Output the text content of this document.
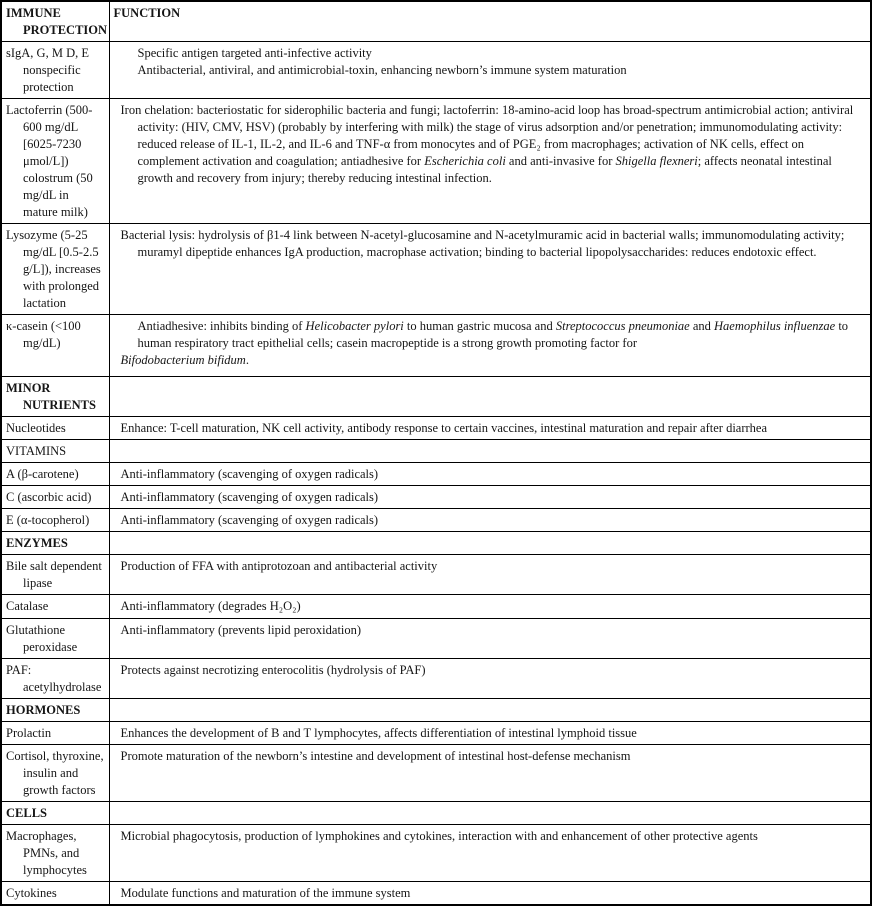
IMMUNE PROTECTION	FUNCTION

sIgA, G, M D, E nonspecific protection	Specific antigen targeted anti-infective activity
Antibacterial, antiviral, and antimicrobial-toxin, enhancing newborn’s immune system maturation

Lactoferrin (500-600 mg/dL [6025-7230 μmol/L]) colostrum (50 mg/dL in mature milk)	Iron chelation: bacteriostatic for siderophilic bacteria and fungi; lactoferrin: 18-amino-acid loop has broad-spectrum antimicrobial action; antiviral activity: (HIV, CMV, HSV) (probably by interfering with milk) the stage of virus adsorption and/or penetration; immunomodulating activity: reduced release of IL-1, IL-2, and IL-6 and TNF-α from monocytes and of PGE₂ from macrophages; activation of NK cells, effect on complement activation and coagulation; antiadhesive for Escherichia coli and anti-invasive for Shigella flexneri; affects neonatal intestinal growth and recovery from injury; thereby reducing intestinal infection.

Lysozyme (5-25 mg/dL [0.5-2.5 g/L]), increases with prolonged lactation	Bacterial lysis: hydrolysis of β1-4 link between N-acetyl-glucosamine and N-acetylmuramic acid in bacterial walls; immunomodulating activity; muramyl dipeptide enhances IgA production, macrophase activation; binding to bacterial lipopolysaccharides: reduces endotoxic effect.

κ-casein (<100 mg/dL)	Antiadhesive: inhibits binding of Helicobacter pylori to human gastric mucosa and Streptococcus pneumoniae and Haemophilus influenzae to human respiratory tract epithelial cells; casein macropeptide is a strong growth promoting factor for
Bifodobacterium bifidum.

MINOR NUTRIENTS	

Nucleotides	Enhance: T-cell maturation, NK cell activity, antibody response to certain vaccines, intestinal maturation and repair after diarrhea

VITAMINS	

A (β-carotene)	Anti-inflammatory (scavenging of oxygen radicals)

C (ascorbic acid)	Anti-inflammatory (scavenging of oxygen radicals)

E (α-tocopherol)	Anti-inflammatory (scavenging of oxygen radicals)

ENZYMES	

Bile salt dependent lipase	Production of FFA with antiprotozoan and antibacterial activity

Catalase	Anti-inflammatory (degrades H₂O₂)

Glutathione peroxidase	Anti-inflammatory (prevents lipid peroxidation)

PAF: acetylhydrolase	Protects against necrotizing enterocolitis (hydrolysis of PAF)

HORMONES	

Prolactin	Enhances the development of B and T lymphocytes, affects differentiation of intestinal lymphoid tissue

Cortisol, thyroxine, insulin and growth factors	Promote maturation of the newborn’s intestine and development of intestinal host-defense mechanism

CELLS	

Macrophages, PMNs, and lymphocytes	Microbial phagocytosis, production of lymphokines and cytokines, interaction with and enhancement of other protective agents

Cytokines	Modulate functions and maturation of the immune system
